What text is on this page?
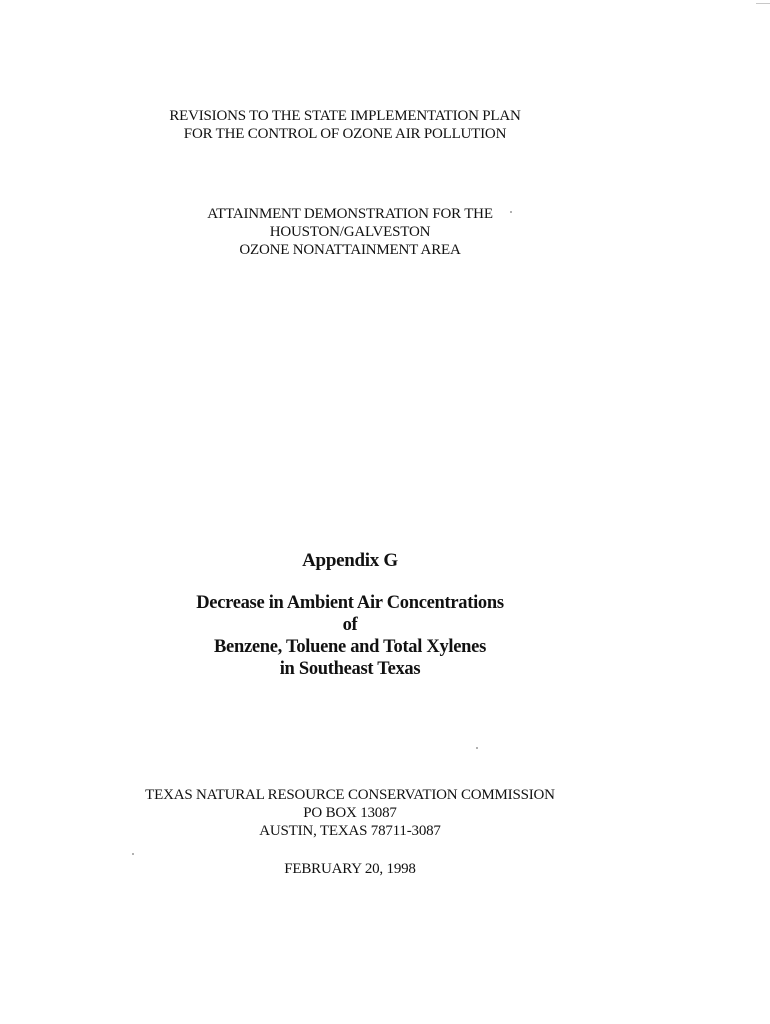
REVISIONS TO THE STATE IMPLEMENTATION PLAN
FOR THE CONTROL OF OZONE AIR POLLUTION
ATTAINMENT DEMONSTRATION FOR THE
HOUSTON/GALVESTON
OZONE NONATTAINMENT AREA
Appendix G
Decrease in Ambient Air Concentrations
of
Benzene, Toluene and Total Xylenes
in Southeast Texas
TEXAS NATURAL RESOURCE CONSERVATION COMMISSION
PO BOX 13087
AUSTIN, TEXAS 78711-3087
FEBRUARY 20, 1998
